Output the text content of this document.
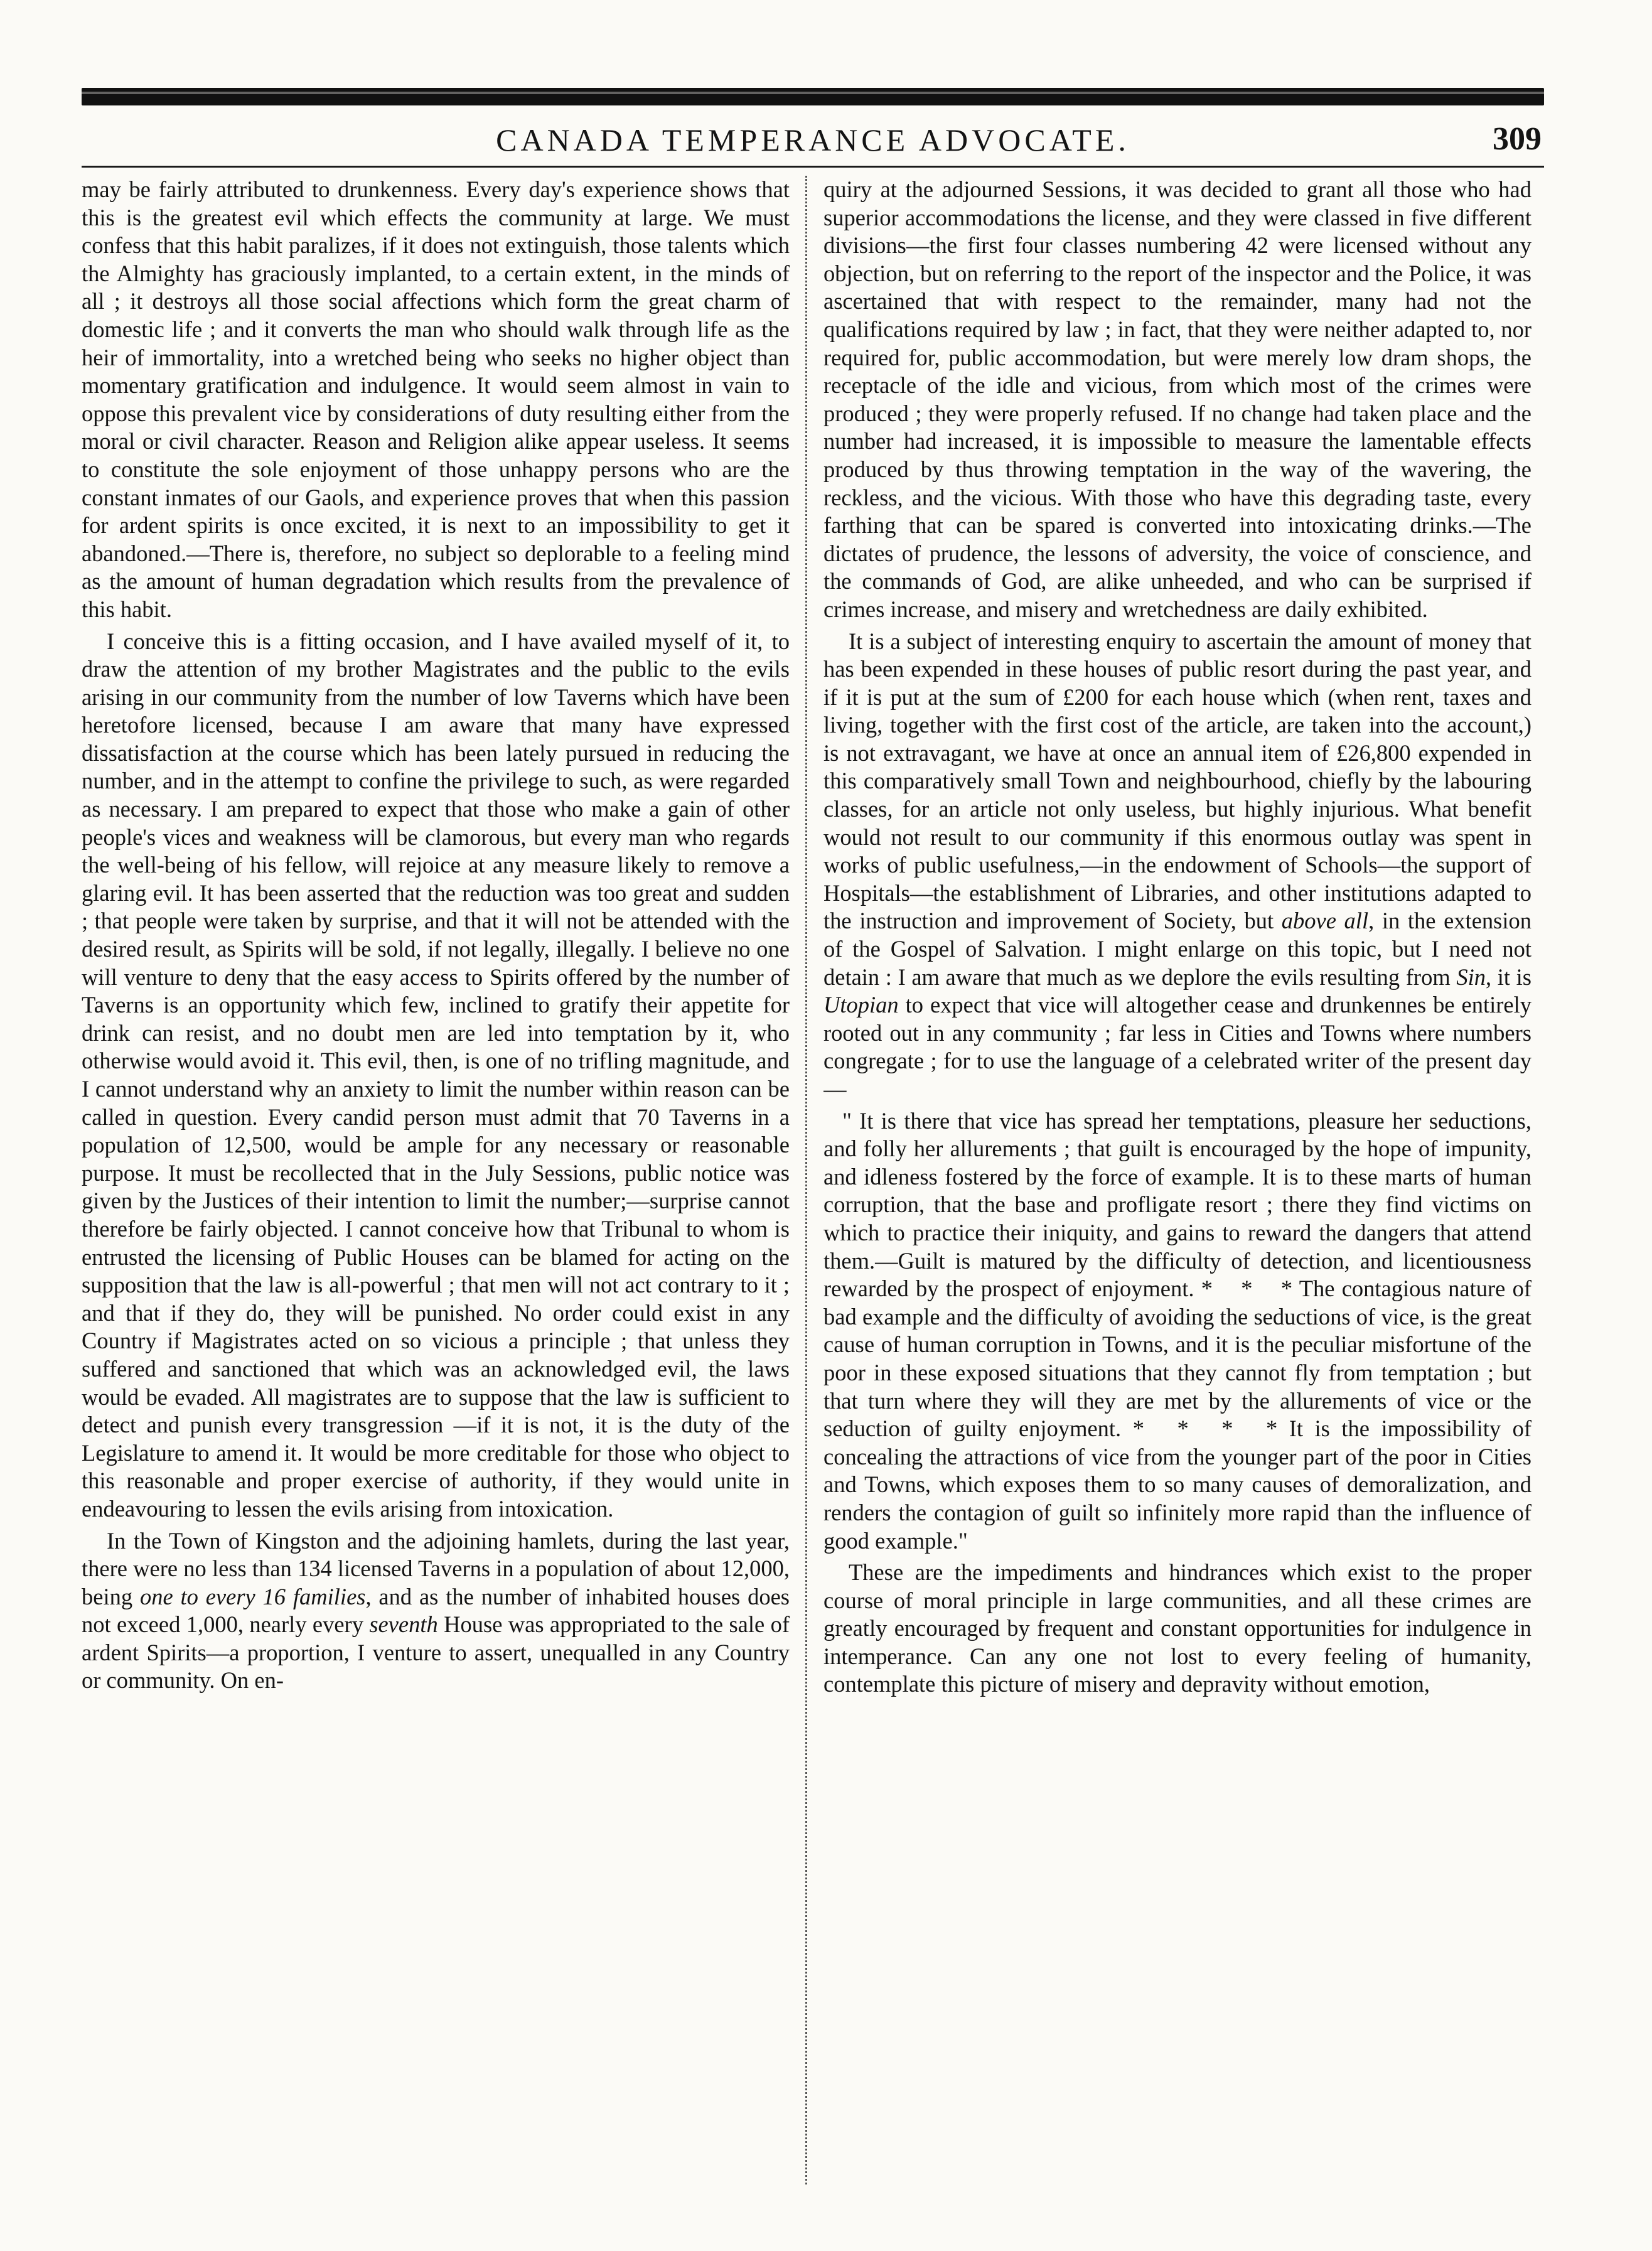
CANADA TEMPERANCE ADVOCATE.	309

may be fairly attributed to drunkenness. Every day's experience shows that this is the greatest evil which effects the community at large. We must confess that this habit paralizes, if it does not extinguish, those talents which the Almighty has graciously implanted, to a certain extent, in the minds of all ; it destroys all those social affections which form the great charm of domestic life ; and it converts the man who should walk through life as the heir of immortality, into a wretched being who seeks no higher object than momentary gratification and indulgence. It would seem almost in vain to oppose this prevalent vice by considerations of duty resulting either from the moral or civil character. Reason and Religion alike appear useless. It seems to constitute the sole enjoyment of those unhappy persons who are the constant inmates of our Gaols, and experience proves that when this passion for ardent spirits is once excited, it is next to an impossibility to get it abandoned.—There is, therefore, no subject so deplorable to a feeling mind as the amount of human degradation which results from the prevalence of this habit.

I conceive this is a fitting occasion, and I have availed myself of it, to draw the attention of my brother Magistrates and the public to the evils arising in our community from the number of low Taverns which have been heretofore licensed, because I am aware that many have expressed dissatisfaction at the course which has been lately pursued in reducing the number, and in the attempt to confine the privilege to such, as were regarded as necessary. I am prepared to expect that those who make a gain of other people's vices and weakness will be clamorous, but every man who regards the well-being of his fellow, will rejoice at any measure likely to remove a glaring evil. It has been asserted that the reduction was too great and sudden ; that people were taken by surprise, and that it will not be attended with the desired result, as Spirits will be sold, if not legally, illegally. I believe no one will venture to deny that the easy access to Spirits offered by the number of Taverns is an opportunity which few, inclined to gratify their appetite for drink can resist, and no doubt men are led into temptation by it, who otherwise would avoid it. This evil, then, is one of no trifling magnitude, and I cannot understand why an anxiety to limit the number within reason can be called in question. Every candid person must admit that 70 Taverns in a population of 12,500, would be ample for any necessary or reasonable purpose. It must be recollected that in the July Sessions, public notice was given by the Justices of their intention to limit the number;—surprise cannot therefore be fairly objected. I cannot conceive how that Tribunal to whom is entrusted the licensing of Public Houses can be blamed for acting on the supposition that the law is all-powerful ; that men will not act contrary to it ; and that if they do, they will be punished. No order could exist in any Country if Magistrates acted on so vicious a principle ; that unless they suffered and sanctioned that which was an acknowledged evil, the laws would be evaded. All magistrates are to suppose that the law is sufficient to detect and punish every transgression —if it is not, it is the duty of the Legislature to amend it. It would be more creditable for those who object to this reasonable and proper exercise of authority, if they would unite in endeavouring to lessen the evils arising from intoxication.

In the Town of Kingston and the adjoining hamlets, during the last year, there were no less than 134 licensed Taverns in a population of about 12,000, being one to every 16 families, and as the number of inhabited houses does not exceed 1,000, nearly every seventh House was appropriated to the sale of ardent Spirits—a proportion, I venture to assert, unequalled in any Country or community. On en-

quiry at the adjourned Sessions, it was decided to grant all those who had superior accommodations the license, and they were classed in five different divisions—the first four classes numbering 42 were licensed without any objection, but on referring to the report of the inspector and the Police, it was ascertained that with respect to the remainder, many had not the qualifications required by law ; in fact, that they were neither adapted to, nor required for, public accommodation, but were merely low dram shops, the receptacle of the idle and vicious, from which most of the crimes were produced ; they were properly refused. If no change had taken place and the number had increased, it is impossible to measure the lamentable effects produced by thus throwing temptation in the way of the wavering, the reckless, and the vicious. With those who have this degrading taste, every farthing that can be spared is converted into intoxicating drinks.—The dictates of prudence, the lessons of adversity, the voice of conscience, and the commands of God, are alike unheeded, and who can be surprised if crimes increase, and misery and wretchedness are daily exhibited.

It is a subject of interesting enquiry to ascertain the amount of money that has been expended in these houses of public resort during the past year, and if it is put at the sum of £200 for each house which (when rent, taxes and living, together with the first cost of the article, are taken into the account,) is not extravagant, we have at once an annual item of £26,800 expended in this comparatively small Town and neighbourhood, chiefly by the labouring classes, for an article not only useless, but highly injurious. What benefit would not result to our community if this enormous outlay was spent in works of public usefulness,—in the endowment of Schools—the support of Hospitals—the establishment of Libraries, and other institutions adapted to the instruction and improvement of Society, but above all, in the extension of the Gospel of Salvation. I might enlarge on this topic, but I need not detain : I am aware that much as we deplore the evils resulting from Sin, it is Utopian to expect that vice will altogether cease and drunkennes be entirely rooted out in any community ; far less in Cities and Towns where numbers congregate ; for to use the language of a celebrated writer of the present day—

" It is there that vice has spread her temptations, pleasure her seductions, and folly her allurements ; that guilt is encouraged by the hope of impunity, and idleness fostered by the force of example. It is to these marts of human corruption, that the base and profligate resort ; there they find victims on which to practice their iniquity, and gains to reward the dangers that attend them.—Guilt is matured by the difficulty of detection, and licentiousness rewarded by the prospect of enjoyment. * * * The contagious nature of bad example and the difficulty of avoiding the seductions of vice, is the great cause of human corruption in Towns, and it is the peculiar misfortune of the poor in these exposed situations that they cannot fly from temptation ; but that turn where they will they are met by the allurements of vice or the seduction of guilty enjoyment. * * * * It is the impossibility of concealing the attractions of vice from the younger part of the poor in Cities and Towns, which exposes them to so many causes of demoralization, and renders the contagion of guilt so infinitely more rapid than the influence of good example."

These are the impediments and hindrances which exist to the proper course of moral principle in large communities, and all these crimes are greatly encouraged by frequent and constant opportunities for indulgence in intemperance. Can any one not lost to every feeling of humanity, contemplate this picture of misery and depravity without emotion,
